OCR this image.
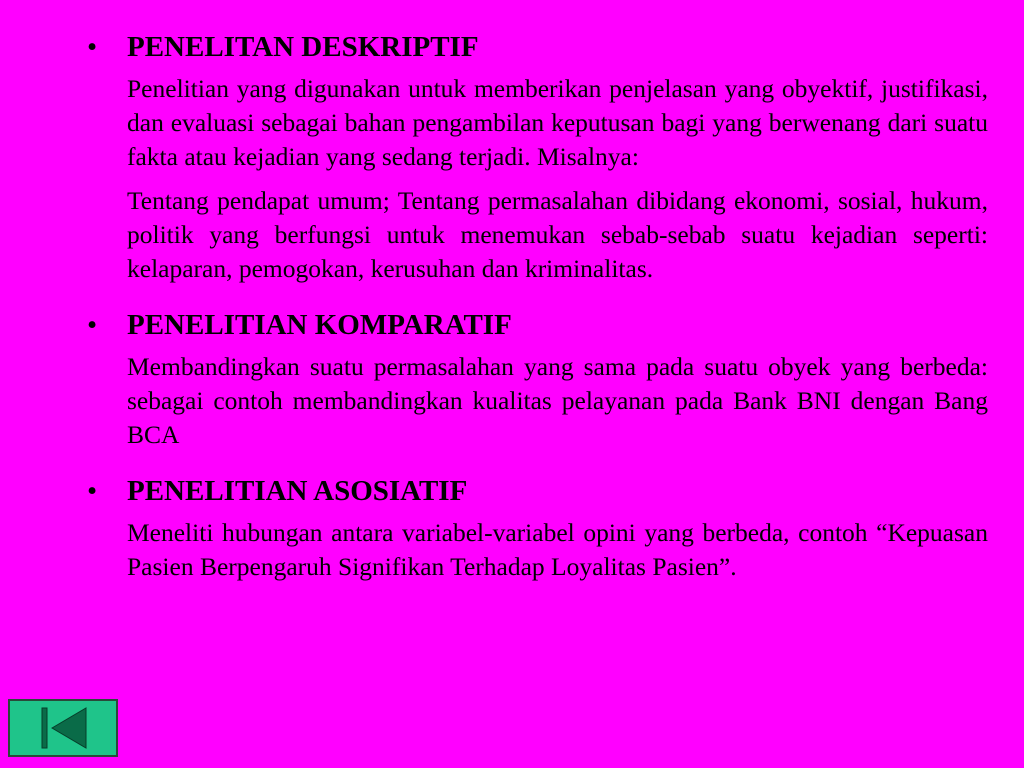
• PENELITAN DESKRIPTIF

Penelitian yang digunakan untuk memberikan penjelasan yang obyektif, justifikasi, dan evaluasi sebagai bahan pengambilan keputusan bagi yang berwenang dari suatu fakta atau kejadian yang sedang terjadi. Misalnya:

Tentang pendapat umum; Tentang permasalahan dibidang ekonomi, sosial, hukum, politik yang berfungsi untuk menemukan sebab-sebab suatu kejadian seperti: kelaparan, pemogokan, kerusuhan dan kriminalitas.

• PENELITIAN KOMPARATIF

Membandingkan suatu permasalahan yang sama pada suatu obyek yang berbeda: sebagai contoh membandingkan kualitas pelayanan pada Bank BNI dengan Bang BCA

• PENELITIAN ASOSIATIF

Meneliti hubungan antara variabel-variabel opini yang berbeda, contoh “Kepuasan Pasien Berpengaruh Signifikan Terhadap Loyalitas Pasien”.
